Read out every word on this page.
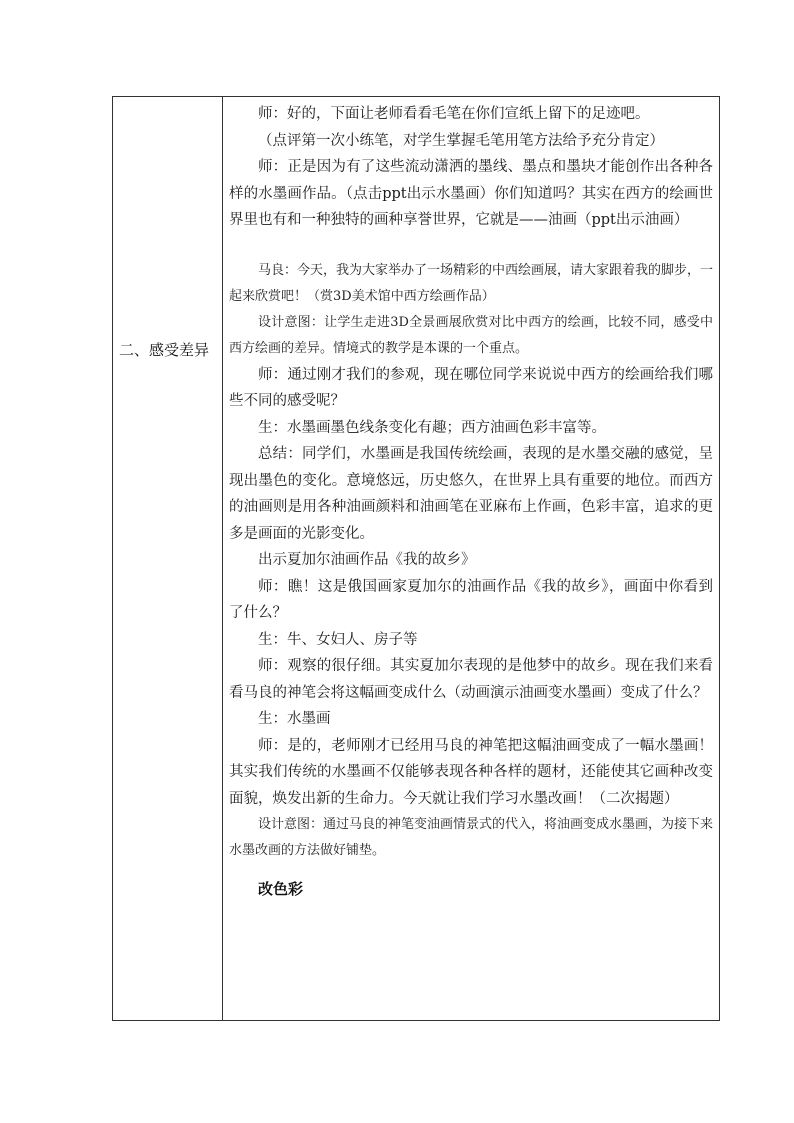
二、感受差异

师：好的，下面让老师看看毛笔在你们宣纸上留下的足迹吧。

（点评第一次小练笔，对学生掌握毛笔用笔方法给予充分肯定）

师：正是因为有了这些流动潇洒的墨线、墨点和墨块才能创作出各种各样的水墨画作品。（点击ppt出示水墨画）你们知道吗？其实在西方的绘画世界里也有和一种独特的画种享誉世界，它就是——油画（ppt出示油画）

马良：今天，我为大家举办了一场精彩的中西绘画展，请大家跟着我的脚步，一起来欣赏吧！（赏3D美术馆中西方绘画作品）

设计意图：让学生走进3D全景画展欣赏对比中西方的绘画，比较不同，感受中西方绘画的差异。情境式的教学是本课的一个重点。

师：通过刚才我们的参观，现在哪位同学来说说中西方的绘画给我们哪些不同的感受呢？

生：水墨画墨色线条变化有趣；西方油画色彩丰富等。

总结：同学们，水墨画是我国传统绘画，表现的是水墨交融的感觉，呈现出墨色的变化。意境悠远，历史悠久，在世界上具有重要的地位。而西方的油画则是用各种油画颜料和油画笔在亚麻布上作画，色彩丰富，追求的更多是画面的光影变化。

出示夏加尔油画作品《我的故乡》

师：瞧！这是俄国画家夏加尔的油画作品《我的故乡》，画面中你看到了什么？

生：牛、女妇人、房子等

师：观察的很仔细。其实夏加尔表现的是他梦中的故乡。现在我们来看看马良的神笔会将这幅画变成什么（动画演示油画变水墨画）变成了什么？

生：水墨画

师：是的，老师刚才已经用马良的神笔把这幅油画变成了一幅水墨画！其实我们传统的水墨画不仅能够表现各种各样的题材，还能使其它画种改变面貌，焕发出新的生命力。今天就让我们学习水墨改画！（二次揭题）

设计意图：通过马良的神笔变油画情景式的代入，将油画变成水墨画，为接下来水墨改画的方法做好铺垫。

改色彩
